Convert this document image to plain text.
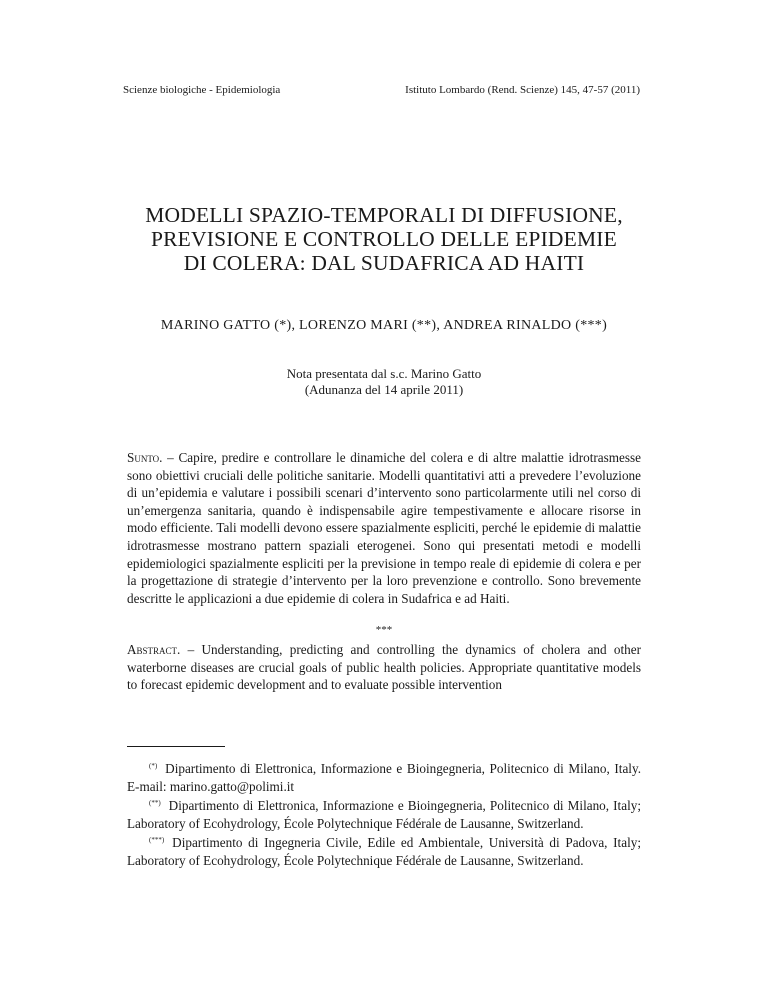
Scienze biologiche - Epidemiologia	Istituto Lombardo (Rend. Scienze) 145, 47-57 (2011)
MODELLI SPAZIO-TEMPORALI DI DIFFUSIONE,
PREVISIONE E CONTROLLO DELLE EPIDEMIE
DI COLERA: DAL SUDAFRICA AD HAITI
MARINO GATTO (*), LORENZO MARI (**), ANDREA RINALDO (***)
Nota presentata dal s.c. Marino Gatto
(Adunanza del 14 aprile 2011)

Sunto. – Capire, predire e controllare le dinamiche del colera e di altre malattie idrotrasmesse sono obiettivi cruciali delle politiche sanitarie. Modelli quantitativi atti a prevedere l’evoluzione di un’epidemia e valutare i possibili scenari d’intervento sono particolarmente utili nel corso di un’emergenza sanitaria, quando è indispensabile agire tempestivamente e allocare risorse in modo efficiente. Tali modelli devono essere spazialmente espliciti, perché le epidemie di malattie idrotrasmesse mostrano pattern spaziali eterogenei. Sono qui presentati metodi e modelli epidemiologici spazialmente espliciti per la previsione in tempo reale di epidemie di colera e per la progettazione di strategie d’intervento per la loro prevenzione e controllo. Sono brevemente descritte le applicazioni a due epidemie di colera in Sudafrica e ad Haiti.

***

Abstract. – Understanding, predicting and controlling the dynamics of cholera and other waterborne diseases are crucial goals of public health policies. Appropriate quantitative models to forecast epidemic development and to evaluate possible intervention

(*) Dipartimento di Elettronica, Informazione e Bioingegneria, Politecnico di Milano, Italy. E-mail: marino.gatto@polimi.it

(**) Dipartimento di Elettronica, Informazione e Bioingegneria, Politecnico di Milano, Italy; Laboratory of Ecohydrology, École Polytechnique Fédérale de Lausanne, Switzerland.

(***) Dipartimento di Ingegneria Civile, Edile ed Ambientale, Università di Padova, Italy; Laboratory of Ecohydrology, École Polytechnique Fédérale de Lausanne, Switzerland.
